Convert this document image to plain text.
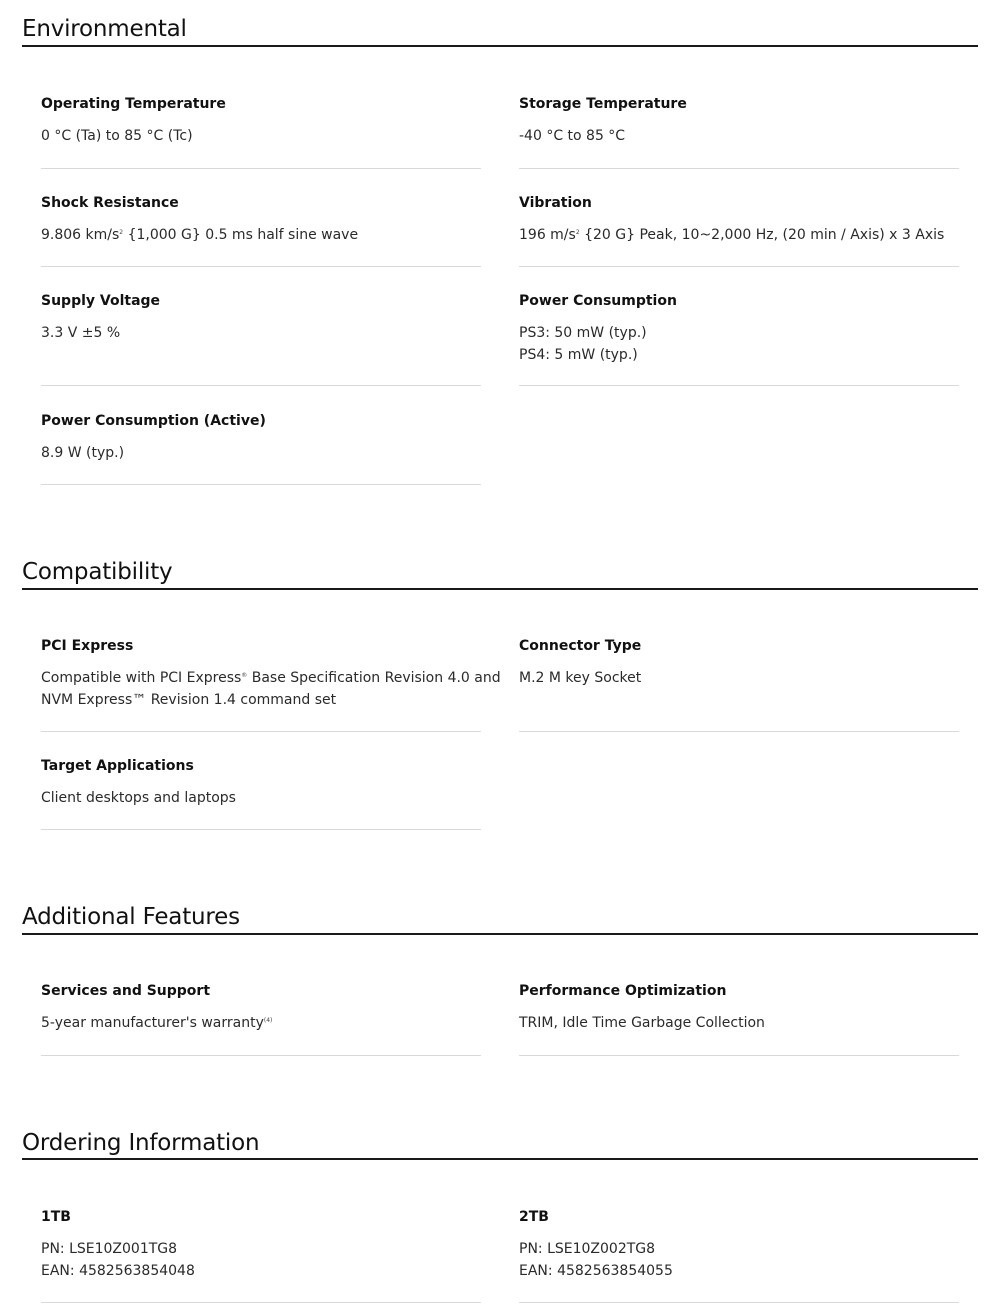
Environmental
Operating Temperature
0 °C (Ta) to 85 °C (Tc)
Storage Temperature
-40 °C to 85 °C
Shock Resistance
9.806 $km/s^2$ {1,000 G} 0.5 ms half sine wave
Vibration
196 $m/s^2$ {20 G} Peak, 10~2,000 Hz, (20 min / Axis) x 3 Axis
Supply Voltage
3.3 V ±5 %
Power Consumption
PS3: 50 mW (typ.)
PS4: 5 mW (typ.)
Power Consumption (Active)
8.9 W (typ.)
Compatibility
PCI Express
Compatible with PCI Express® Base Specification Revision 4.0 and
NVM Express™ Revision 1.4 command set
Connector Type
M.2 M key Socket
Target Applications
Client desktops and laptops
Additional Features
Services and Support
5-year manufacturer's warranty$^{(4)}$
Performance Optimization
TRIM, Idle Time Garbage Collection
Ordering Information
1TB
PN: LSE10Z001TG8
EAN: 4582563854048
2TB
PN: LSE10Z002TG8
EAN: 4582563854055
